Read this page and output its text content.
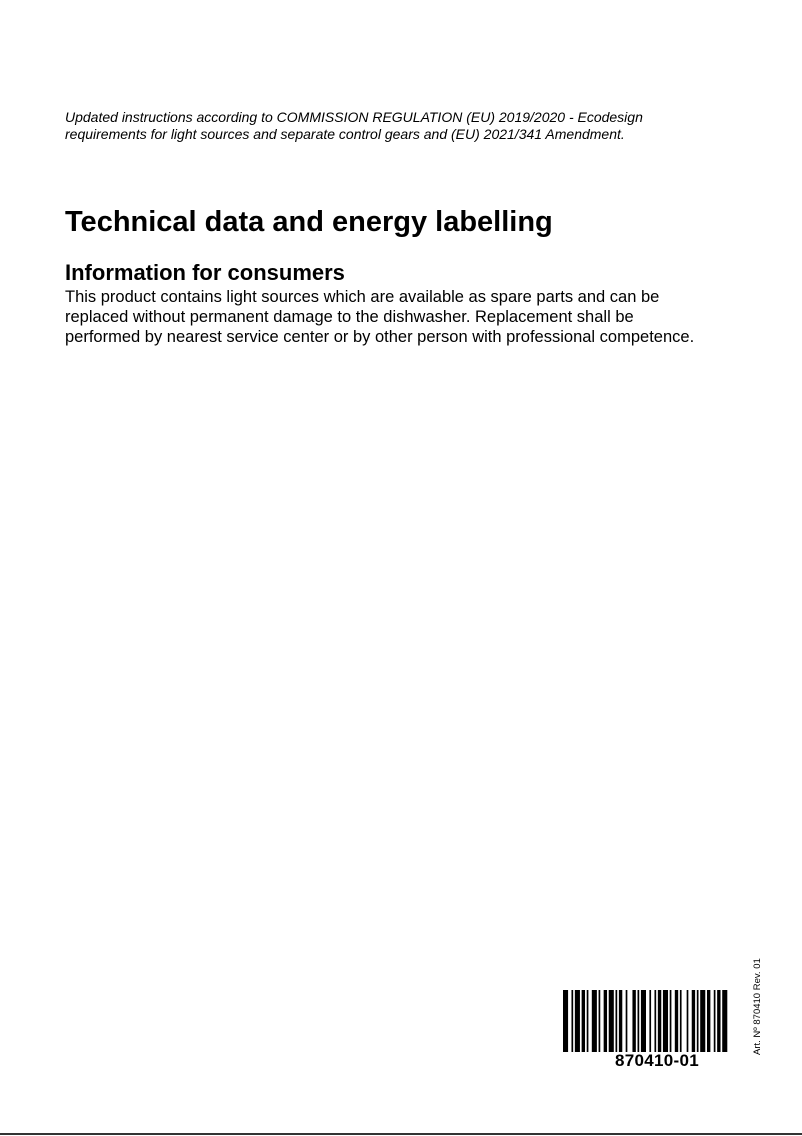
Updated instructions according to COMMISSION REGULATION (EU) 2019/2020 - Ecodesign
requirements for light sources and separate control gears and (EU) 2021/341 Amendment.
Technical data and energy labelling
Information for consumers
This product contains light sources which are available as spare parts and can be
replaced without permanent damage to the dishwasher. Replacement shall be
performed by nearest service center or by other person with professional competence.
870410-01
Art. Nº 870410 Rev. 01
